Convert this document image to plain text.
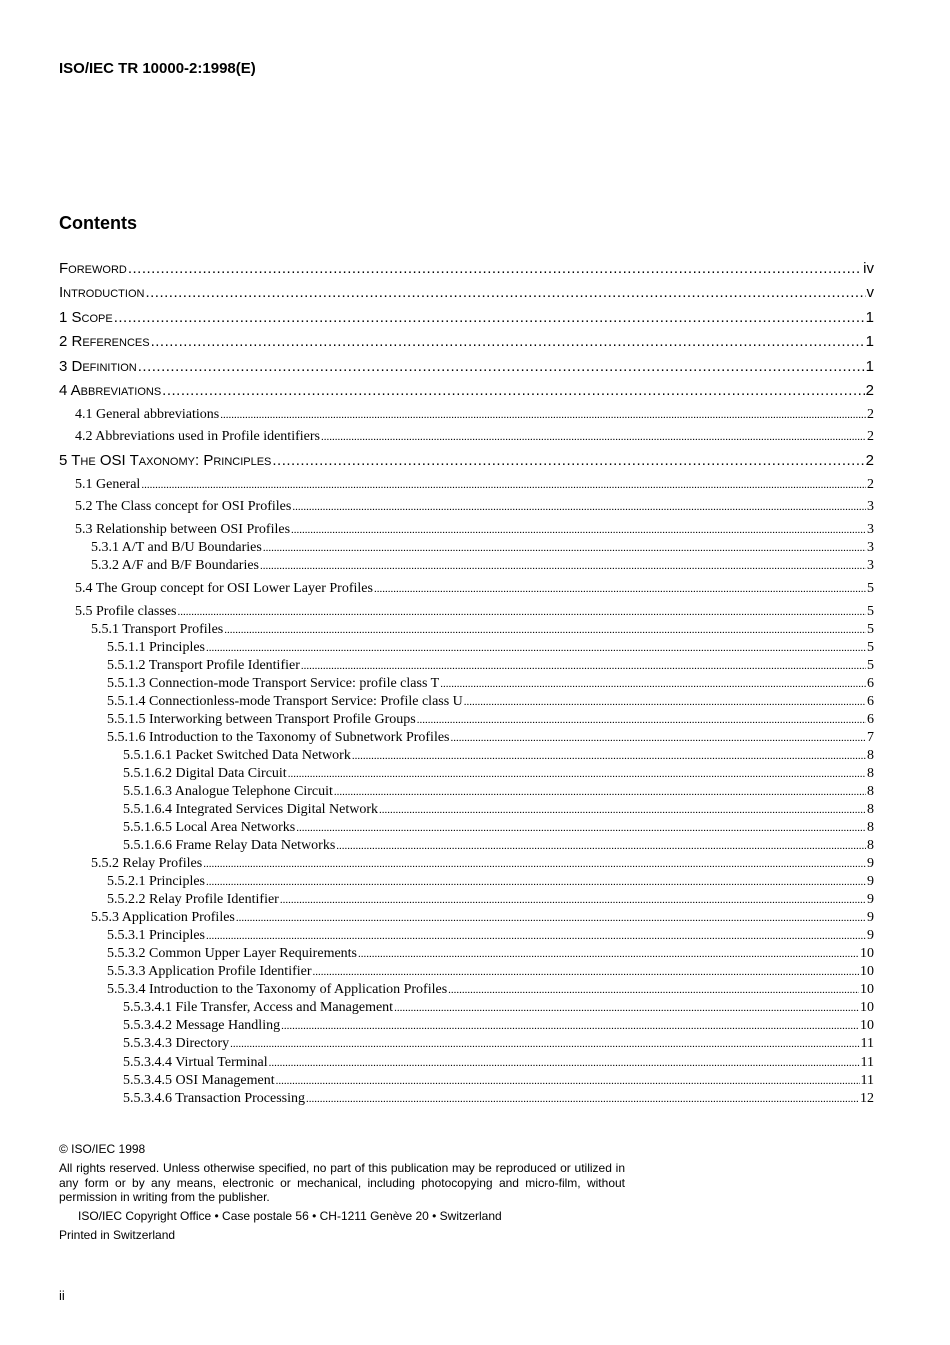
ISO/IEC TR 10000-2:1998(E)
Contents
Foreword .....	iv
Introduction .....	v
1 Scope .....	1
2 References .....	1
3 Definition .....	1
4 Abbreviations .....	2
4.1 General abbreviations .....	2
4.2 Abbreviations used in Profile identifiers .....	2
5 The OSI Taxonomy: Principles .....	2
5.1 General .....	2
5.2 The Class concept for OSI Profiles .....	3
5.3 Relationship between OSI Profiles .....	3
5.3.1 A/T and B/U Boundaries .....	3
5.3.2 A/F and B/F Boundaries .....	3
5.4 The Group concept for OSI Lower Layer Profiles .....	5
5.5 Profile classes .....	5
5.5.1 Transport Profiles .....	5
5.5.1.1 Principles .....	5
5.5.1.2 Transport Profile Identifier .....	5
5.5.1.3 Connection-mode Transport Service: profile class T .....	6
5.5.1.4 Connectionless-mode Transport Service: Profile class U .....	6
5.5.1.5 Interworking between Transport Profile Groups .....	6
5.5.1.6 Introduction to the Taxonomy of Subnetwork Profiles .....	7
5.5.1.6.1 Packet Switched Data Network .....	8
5.5.1.6.2 Digital Data Circuit .....	8
5.5.1.6.3 Analogue Telephone Circuit .....	8
5.5.1.6.4 Integrated Services Digital Network .....	8
5.5.1.6.5 Local Area Networks .....	8
5.5.1.6.6 Frame Relay Data Networks .....	8
5.5.2 Relay Profiles .....	9
5.5.2.1 Principles .....	9
5.5.2.2 Relay Profile Identifier .....	9
5.5.3 Application Profiles .....	9
5.5.3.1 Principles .....	9
5.5.3.2 Common Upper Layer Requirements .....	10
5.5.3.3 Application Profile Identifier .....	10
5.5.3.4 Introduction to the Taxonomy of Application Profiles .....	10
5.5.3.4.1 File Transfer, Access and Management .....	10
5.5.3.4.2 Message Handling .....	10
5.5.3.4.3 Directory .....	11
5.5.3.4.4 Virtual Terminal .....	11
5.5.3.4.5 OSI Management .....	11
5.5.3.4.6 Transaction Processing .....	12
© ISO/IEC 1998
All rights reserved. Unless otherwise specified, no part of this publication may be reproduced or utilized in any form or by any means, electronic or mechanical, including photocopying and micro-film, without permission in writing from the publisher.
ISO/IEC Copyright Office • Case postale 56 • CH-1211 Genève 20 • Switzerland
Printed in Switzerland
ii
